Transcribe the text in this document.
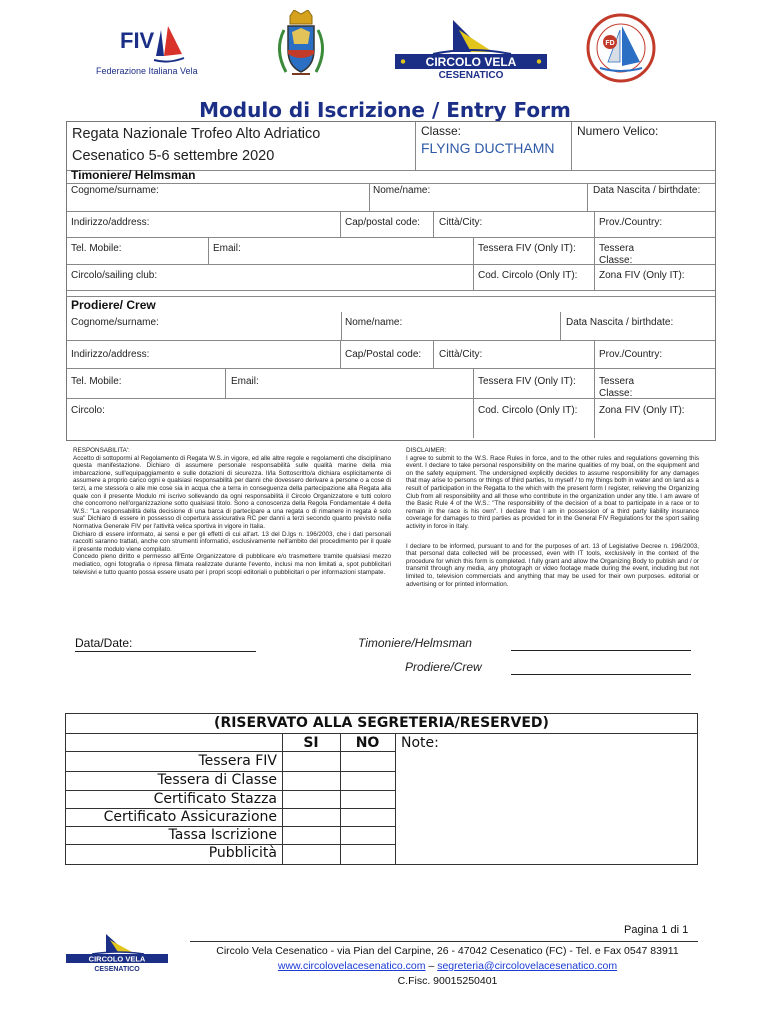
FIV
Federazione Italiana Vela
CIRCOLO VELA
CESENATICO
FD
Modulo di Iscrizione / Entry Form
Regata Nazionale Trofeo Alto Adriatico
Cesenatico 5-6 settembre 2020
Classe:
FLYING DUCTHAMN
Numero Velico:
Timoniere/ Helmsman
Cognome/surname:	Nome/name:	Data Nascita / birthdate:
Indirizzo/address:	Cap/postal code: Città/City:	Prov./Country:
Tel. Mobile:	Email:	Tessera FIV (Only IT): Tessera Classe:
Circolo/sailing club:	Cod. Circolo (Only IT): Zona FIV (Only IT):
Prodiere/ Crew
Cognome/surname:	Nome/name:	Data Nascita / birthdate:
Indirizzo/address:	Cap/Postal code: Città/City:	Prov./Country:
Tel. Mobile:	Email:	Tessera FIV (Only IT): Tessera Classe:
Circolo:	Cod. Circolo (Only IT): Zona FIV (Only IT):
RESPONSABILITA':
Accetto di sottopormi al Regolamento di Regata W.S..in vigore, ed alle altre regole e regolamenti che disciplinano questa manifestazione. Dichiaro di assumere personale responsabilità sulle qualità marine della mia imbarcazione, sull'equipaggiamento e sulle dotazioni di sicurezza. Il/la Sottoscritto/a dichiara esplicitamente di assumere a proprio carico ogni e qualsiasi responsabilità per danni che dovessero derivare a persone o a cose di terzi, a me stesso/a o alle mie cose sia in acqua che a terra in conseguenza della partecipazione alla Regata alla quale con il presente Modulo mi iscrivo sollevando da ogni responsabilità il Circolo Organizzatore e tutti coloro che concorrono nell'organizzazione sotto qualsiasi titolo. Sono a conoscenza della Regola Fondamentale 4 della W.S.: "La responsabilità della decisione di una barca di partecipare a una regata o di rimanere in regata è solo sua" Dichiaro di essere in possesso di copertura assicurativa RC per danni a terzi secondo quanto previsto nella Normativa Generale FIV per l'attività velica sportiva in vigore in Italia.
Dichiaro di essere informato, ai sensi e per gli effetti di cui all'art. 13 del D.lgs n. 196/2003, che i dati personali raccolti saranno trattati, anche con strumenti informatici, esclusivamente nell'ambito del procedimento per il quale il presente modulo viene compilato.
Concedo pieno diritto e permesso all'Ente Organizzatore di pubblicare e/o trasmettere tramite qualsiasi mezzo mediatico, ogni fotografia o ripresa filmata realizzate durante l'evento, inclusi ma non limitati a, spot pubblicitari televisivi e tutto quanto possa essere usato per i propri scopi editoriali o pubblicitari o per informazioni stampate.
DISCLAIMER:
I agree to submit to the W.S. Race Rules in force, and to the other rules and regulations governing this event. I declare to take personal responsibility on the marine qualities of my boat, on the equipment and on the safety equipment. The undersigned explicitly decides to assume responsibility for any damages that may arise to persons or things of third parties, to myself / to my things both in water and on land as a result of participation in the Regatta to the which with the present form I register, relieving the Organizing Club from all responsibility and all those who contribute in the organization under any title. I am aware of the Basic Rule 4 of the W.S.: "The responsibility of the decision of a boat to participate in a race or to remain in the race is his own". I declare that I am in possession of a third party liability insurance coverage for damages to third parties as provided for in the General FIV Regulations for the sport sailing activity in force in Italy.
I declare to be informed, pursuant to and for the purposes of art. 13 of Legislative Decree n. 196/2003, that personal data collected will be processed, even with IT tools, exclusively in the context of the procedure for which this form is completed. I fully grant and allow the Organizing Body to publish and / or transmit through any media, any photograph or video footage made during the event, including but not limited to, television commercials and anything that may be used for their own purposes. editorial or advertising or for printed information.
Data/Date:	Timoniere/Helmsman
Prodiere/Crew
(RISERVATO ALLA SEGRETERIA/RESERVED)
SI	NO	Note:
Tessera FIV
Tessera di Classe
Certificato Stazza
Certificato Assicurazione
Tassa Iscrizione
Pubblicità
Pagina 1 di 1
CIRCOLO VELA
CESENATICO
Circolo Vela Cesenatico - via Pian del Carpine, 26 - 47042 Cesenatico (FC) - Tel. e Fax 0547 83911
www.circolovelacesenatico.com – segreteria@circolovelacesenatico.com
C.Fisc. 90015250401
